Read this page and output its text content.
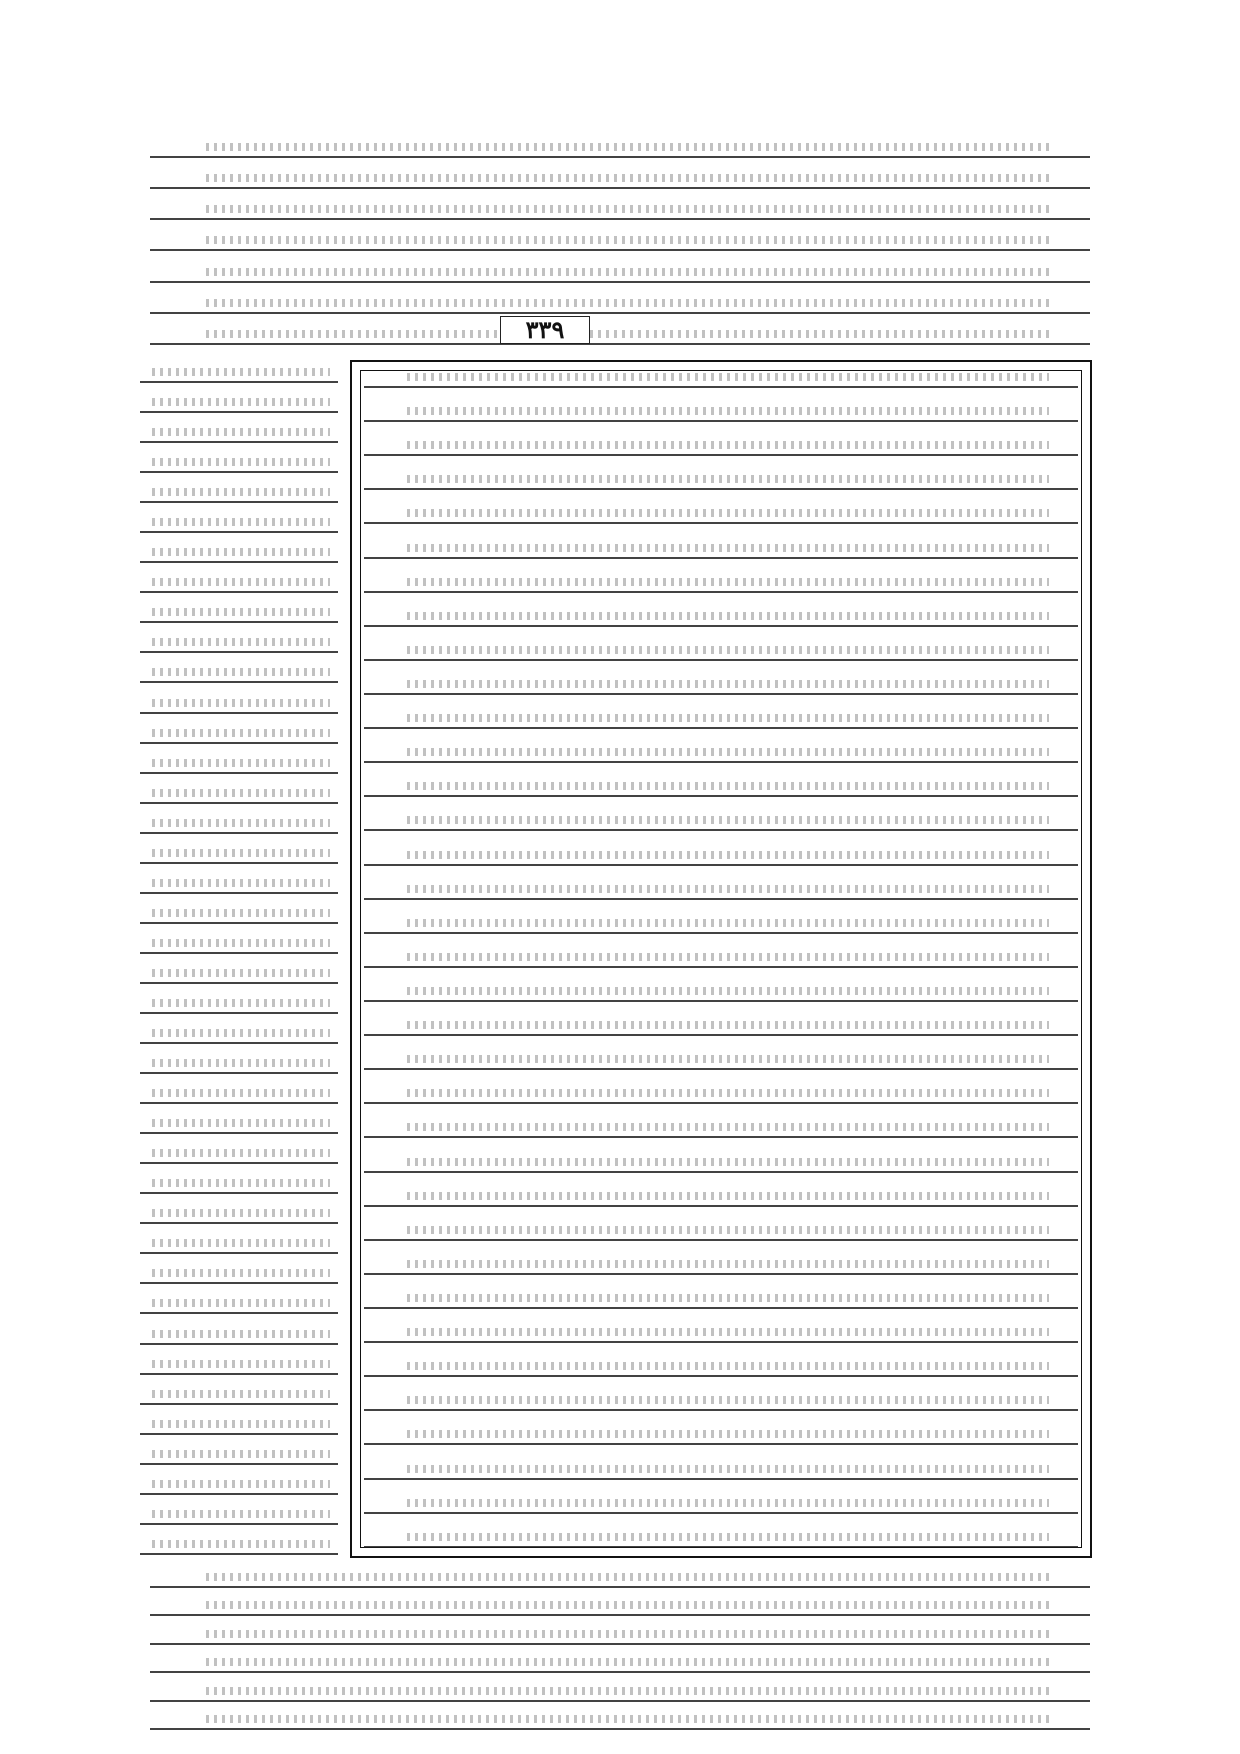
٣٣٩
